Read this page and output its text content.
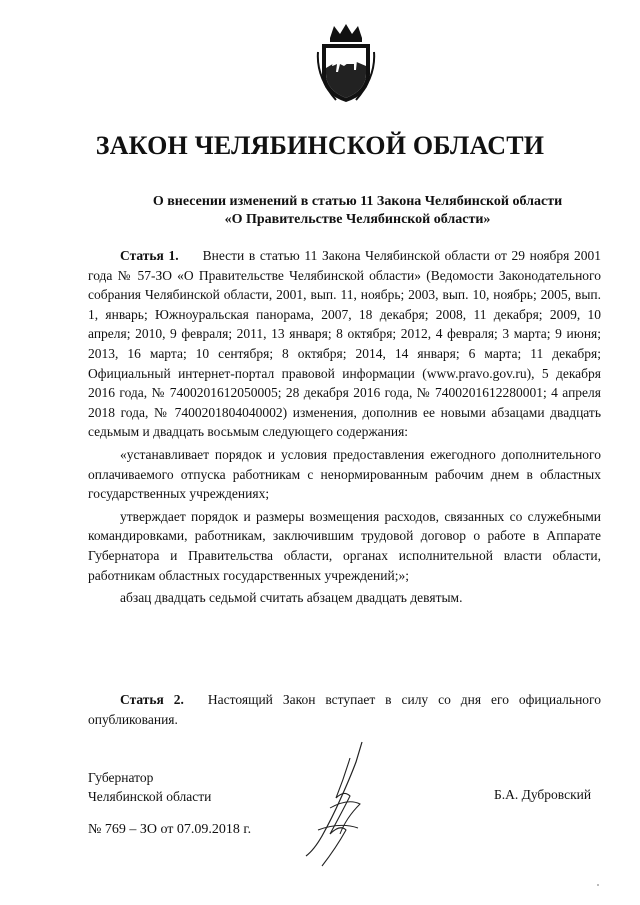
ЗАКОН ЧЕЛЯБИНСКОЙ ОБЛАСТИ
О внесении изменений в статью 11 Закона Челябинской области
«О Правительстве Челябинской области»
Статья 1. Внести в статью 11 Закона Челябинской области от 29 ноября 2001 года № 57-ЗО «О Правительстве Челябинской области» (Ведомости Законодательного собрания Челябинской области, 2001, вып. 11, ноябрь; 2003, вып. 10, ноябрь; 2005, вып. 1, январь; Южноуральская панорама, 2007, 18 декабря; 2008, 11 декабря; 2009, 10 апреля; 2010, 9 февраля; 2011, 13 января; 8 октября; 2012, 4 февраля; 3 марта; 9 июня; 2013, 16 марта; 10 сентября; 8 октября; 2014, 14 января; 6 марта; 11 декабря; Официальный интернет-портал правовой информации (www.pravo.gov.ru), 5 декабря 2016 года, № 7400201612050005; 28 декабря 2016 года, № 7400201612280001; 4 апреля 2018 года, № 7400201804040002) изменения, дополнив ее новыми абзацами двадцать седьмым и двадцать восьмым следующего содержания:
«устанавливает порядок и условия предоставления ежегодного дополнительного оплачиваемого отпуска работникам с ненормированным рабочим днем в областных государственных учреждениях;
утверждает порядок и размеры возмещения расходов, связанных со служебными командировками, работникам, заключившим трудовой договор о работе в Аппарате Губернатора и Правительства области, органах исполнительной власти области, работникам областных государственных учреждений;»;
абзац двадцать седьмой считать абзацем двадцать девятым.
Статья 2. Настоящий Закон вступает в силу со дня его официального опубликования.
Губернатор
Челябинской области	Б.А. Дубровский
№ 769 – ЗО от 07.09.2018 г.
